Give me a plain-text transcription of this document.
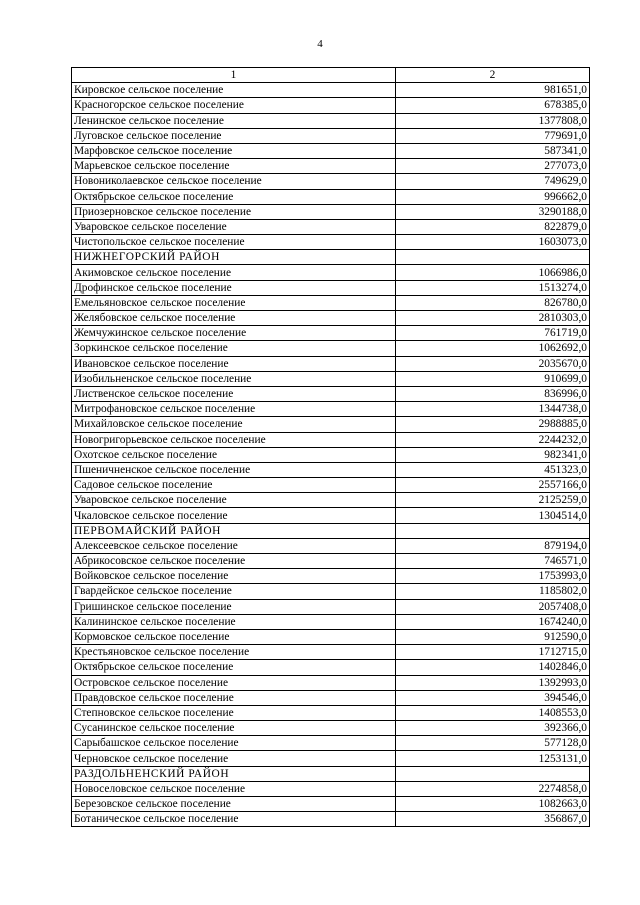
4
1	2
Кировское сельское поселение	981651,0
Красногорское сельское поселение	678385,0
Ленинское сельское поселение	1377808,0
Луговское сельское поселение	779691,0
Марфовское сельское поселение	587341,0
Марьевское сельское поселение	277073,0
Новониколаевское сельское поселение	749629,0
Октябрьское сельское поселение	996662,0
Приозерновское сельское поселение	3290188,0
Уваровское сельское поселение	822879,0
Чистопольское сельское поселение	1603073,0
НИЖНЕГОРСКИЙ РАЙОН	
Акимовское сельское поселение	1066986,0
Дрофинское сельское поселение	1513274,0
Емельяновское сельское поселение	826780,0
Желябовское сельское поселение	2810303,0
Жемчужинское сельское поселение	761719,0
Зоркинское сельское поселение	1062692,0
Ивановское сельское поселение	2035670,0
Изобильненское сельское поселение	910699,0
Лиственское сельское поселение	836996,0
Митрофановское сельское поселение	1344738,0
Михайловское сельское поселение	2988885,0
Новогригорьевское сельское поселение	2244232,0
Охотское сельское поселение	982341,0
Пшеничненское сельское поселение	451323,0
Садовое сельское поселение	2557166,0
Уваровское сельское поселение	2125259,0
Чкаловское сельское поселение	1304514,0
ПЕРВОМАЙСКИЙ РАЙОН	
Алексеевское сельское поселение	879194,0
Абрикосовское сельское поселение	746571,0
Войковское сельское поселение	1753993,0
Гвардейское сельское поселение	1185802,0
Гришинское сельское поселение	2057408,0
Калининское сельское поселение	1674240,0
Кормовское сельское поселение	912590,0
Крестьяновское сельское поселение	1712715,0
Октябрьское сельское поселение	1402846,0
Островское сельское поселение	1392993,0
Правдовское сельское поселение	394546,0
Степновское сельское поселение	1408553,0
Сусанинское сельское поселение	392366,0
Сарыбашское сельское поселение	577128,0
Черновское сельское поселение	1253131,0
РАЗДОЛЬНЕНСКИЙ РАЙОН	
Новоселовское сельское поселение	2274858,0
Березовское сельское поселение	1082663,0
Ботаническое сельское поселение	356867,0
